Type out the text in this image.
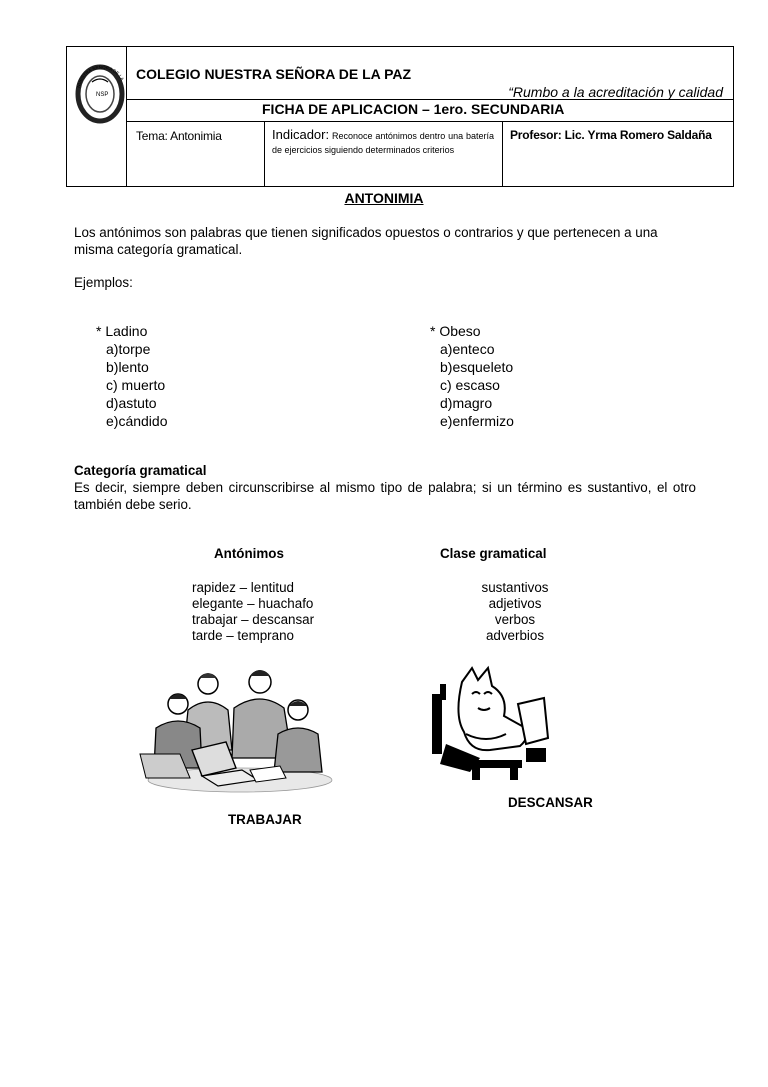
NSP
NUESTRA SEÑORA DE LA COLEGIO NUESTRA SEÑORA DE LA PAZ
“Rumbo a la acreditación y calidad
FICHA DE APLICACION – 1ero. SECUNDARIA
Tema: Antonimia	Indicador: Reconoce antónimos dentro una batería de ejercicios siguiendo determinados criterios
Profesor: Lic. Yrma Romero Saldaña
ANTONIMIA
Los antónimos son palabras que tienen significados opuestos o contrarios y que pertenecen a una misma categoría gramatical.
Ejemplos:
* Ladino
a)torpe
b)lento
c) muerto
d)astuto
e)cándido
* Obeso
a)enteco
b)esqueleto
c) escaso
d)magro
e)enfermizo
Categoría gramatical
Es decir, siempre deben circunscribirse al mismo tipo de palabra; si un término es sustantivo, el otro también debe serio.
Antónimos	Clase gramatical
rapidez – lentitud
elegante – huachafo
trabajar – descansar
tarde – temprano
sustantivos
adjetivos
verbos
adverbios
TRABAJAR
DESCANSAR
